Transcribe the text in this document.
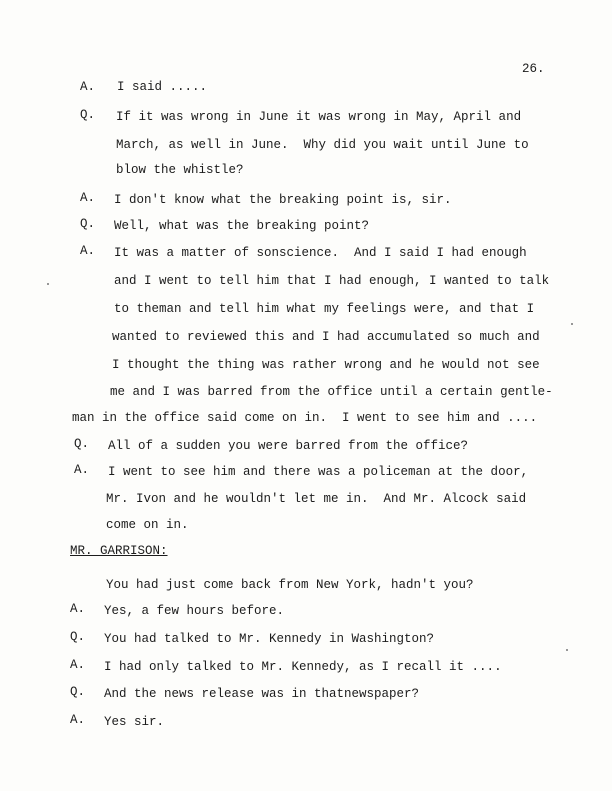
26.
A. I said .....
Q. If it was wrong in June it was wrong in May, April and
March, as well in June.  Why did you wait until June to
blow the whistle?
A. I don't know what the breaking point is, sir.
Q. Well, what was the breaking point?
A. It was a matter of sonscience.  And I said I had enough
and I went to tell him that I had enough, I wanted to talk
to theman and tell him what my feelings were, and that I
wanted to reviewed this and I had accumulated so much and
I thought the thing was rather wrong and he would not see
me and I was barred from the office until a certain gentle-
man in the office said come on in.  I went to see him and ....
Q. All of a sudden you were barred from the office?
A. I went to see him and there was a policeman at the door,
Mr. Ivon and he wouldn't let me in.  And Mr. Alcock said
come on in.
MR. GARRISON:
You had just come back from New York, hadn't you?
A. Yes, a few hours before.
Q. You had talked to Mr. Kennedy in Washington?
A. I had only talked to Mr. Kennedy, as I recall it ....
Q. And the news release was in thatnewspaper?
A. Yes sir.
